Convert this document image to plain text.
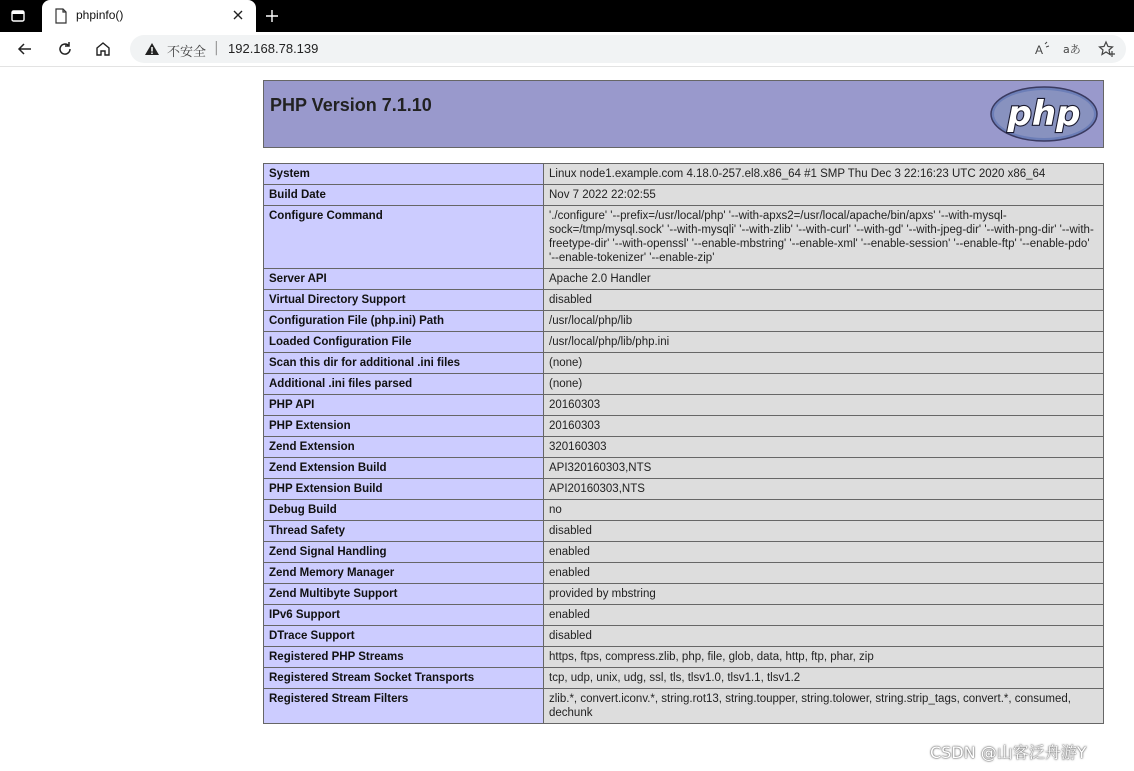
phpinfo()
不安全 | 192.168.78.139	A aあ
PHP Version 7.1.10	php
System	Linux node1.example.com 4.18.0-257.el8.x86_64 #1 SMP Thu Dec 3 22:16:23 UTC 2020 x86_64
Build Date	Nov 7 2022 22:02:55
Configure Command	'./configure' '--prefix=/usr/local/php' '--with-apxs2=/usr/local/apache/bin/apxs' '--with-mysql-sock=/tmp/mysql.sock' '--with-mysqli' '--with-zlib' '--with-curl' '--with-gd' '--with-jpeg-dir' '--with-png-dir' '--with-freetype-dir' '--with-openssl' '--enable-mbstring' '--enable-xml' '--enable-session' '--enable-ftp' '--enable-pdo' '--enable-tokenizer' '--enable-zip'
Server API	Apache 2.0 Handler
Virtual Directory Support	disabled
Configuration File (php.ini) Path	/usr/local/php/lib
Loaded Configuration File	/usr/local/php/lib/php.ini
Scan this dir for additional .ini files	(none)
Additional .ini files parsed	(none)
PHP API	20160303
PHP Extension	20160303
Zend Extension	320160303
Zend Extension Build	API320160303,NTS
PHP Extension Build	API20160303,NTS
Debug Build	no
Thread Safety	disabled
Zend Signal Handling	enabled
Zend Memory Manager	enabled
Zend Multibyte Support	provided by mbstring
IPv6 Support	enabled
DTrace Support	disabled
Registered PHP Streams	https, ftps, compress.zlib, php, file, glob, data, http, ftp, phar, zip
Registered Stream Socket Transports	tcp, udp, unix, udg, ssl, tls, tlsv1.0, tlsv1.1, tlsv1.2
Registered Stream Filters	zlib.*, convert.iconv.*, string.rot13, string.toupper, string.tolower, string.strip_tags, convert.*, consumed, dechunk
CSDN @山客泛舟游Y
